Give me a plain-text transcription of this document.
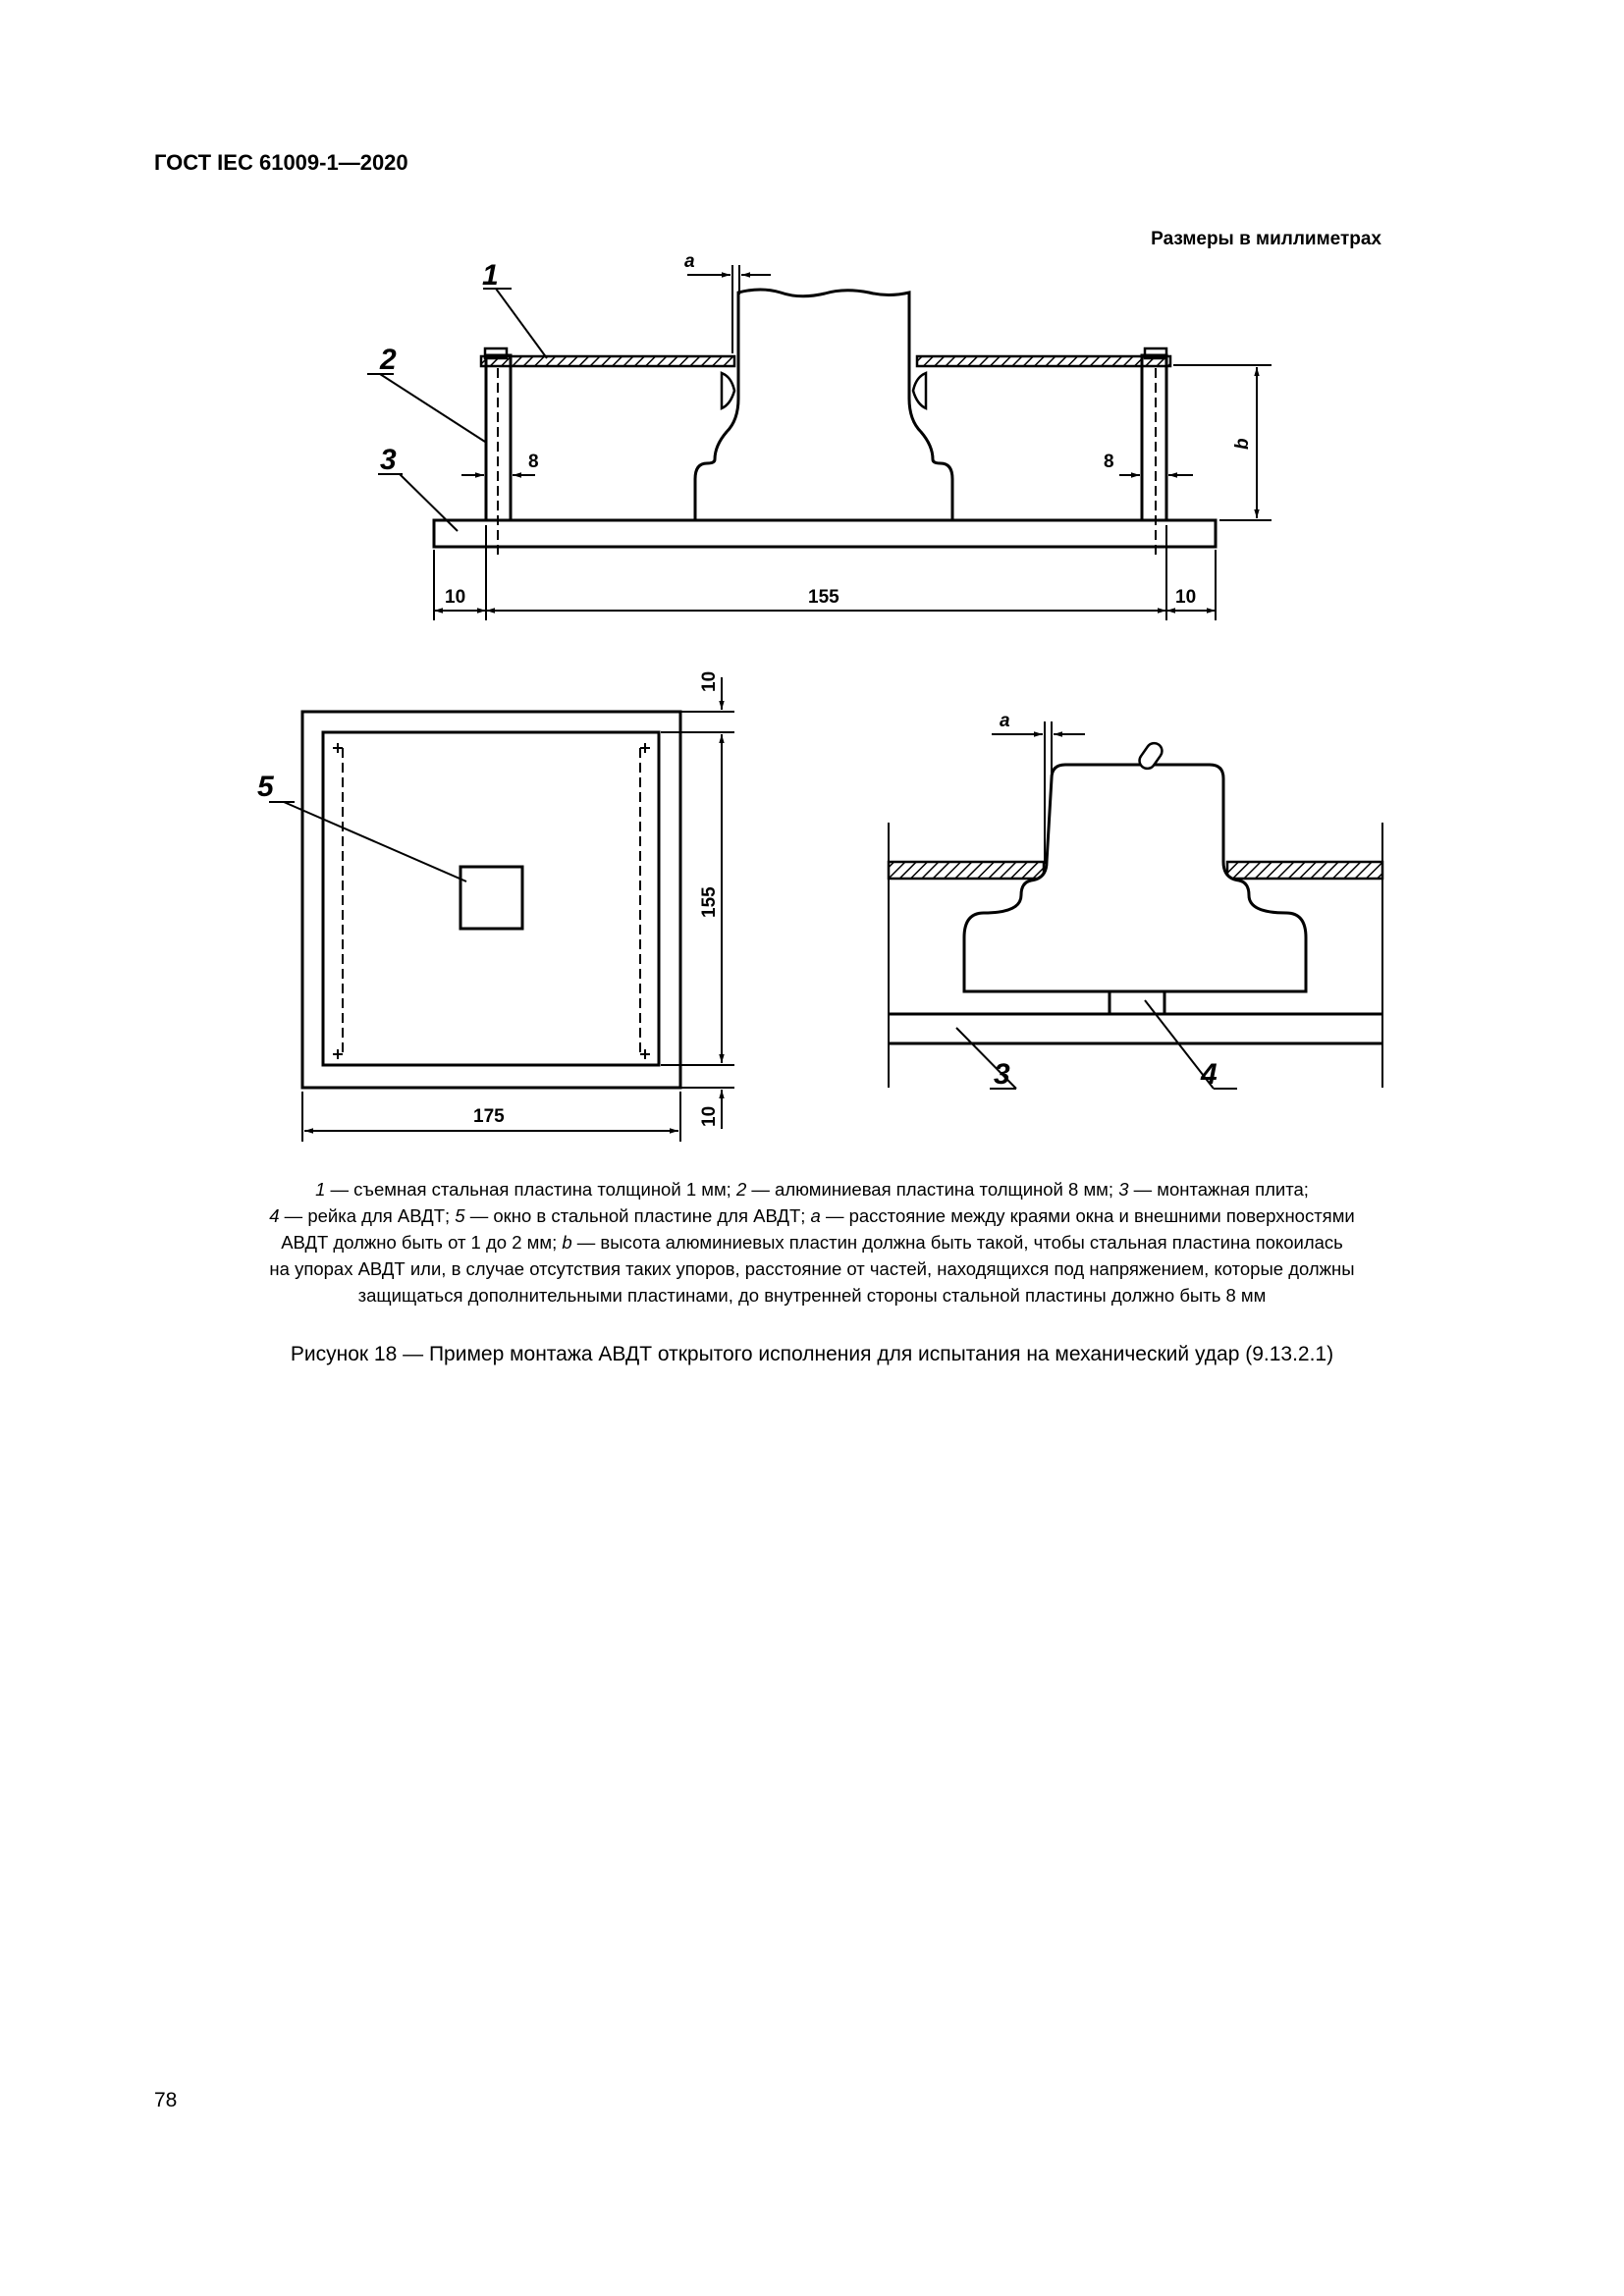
ГОСТ IEC 61009-1—2020
Размеры в миллиметрах
1
2
3
a
b
8	8
10	155	10
5
10
155
10
175
a
3	4
1 — съемная стальная пластина толщиной 1 мм; 2 — алюминиевая пластина толщиной 8 мм; 3 — монтажная плита;
4 — рейка для АВДТ; 5 — окно в стальной пластине для АВДТ; a — расстояние между краями окна и внешними поверхностями
АВДТ должно быть от 1 до 2 мм; b — высота алюминиевых пластин должна быть такой, чтобы стальная пластина покоилась
на упорах АВДТ или, в случае отсутствия таких упоров, расстояние от частей, находящихся под напряжением, которые должны
защищаться дополнительными пластинами, до внутренней стороны стальной пластины должно быть 8 мм
Рисунок 18 — Пример монтажа АВДТ открытого исполнения для испытания на механический удар (9.13.2.1)
78
